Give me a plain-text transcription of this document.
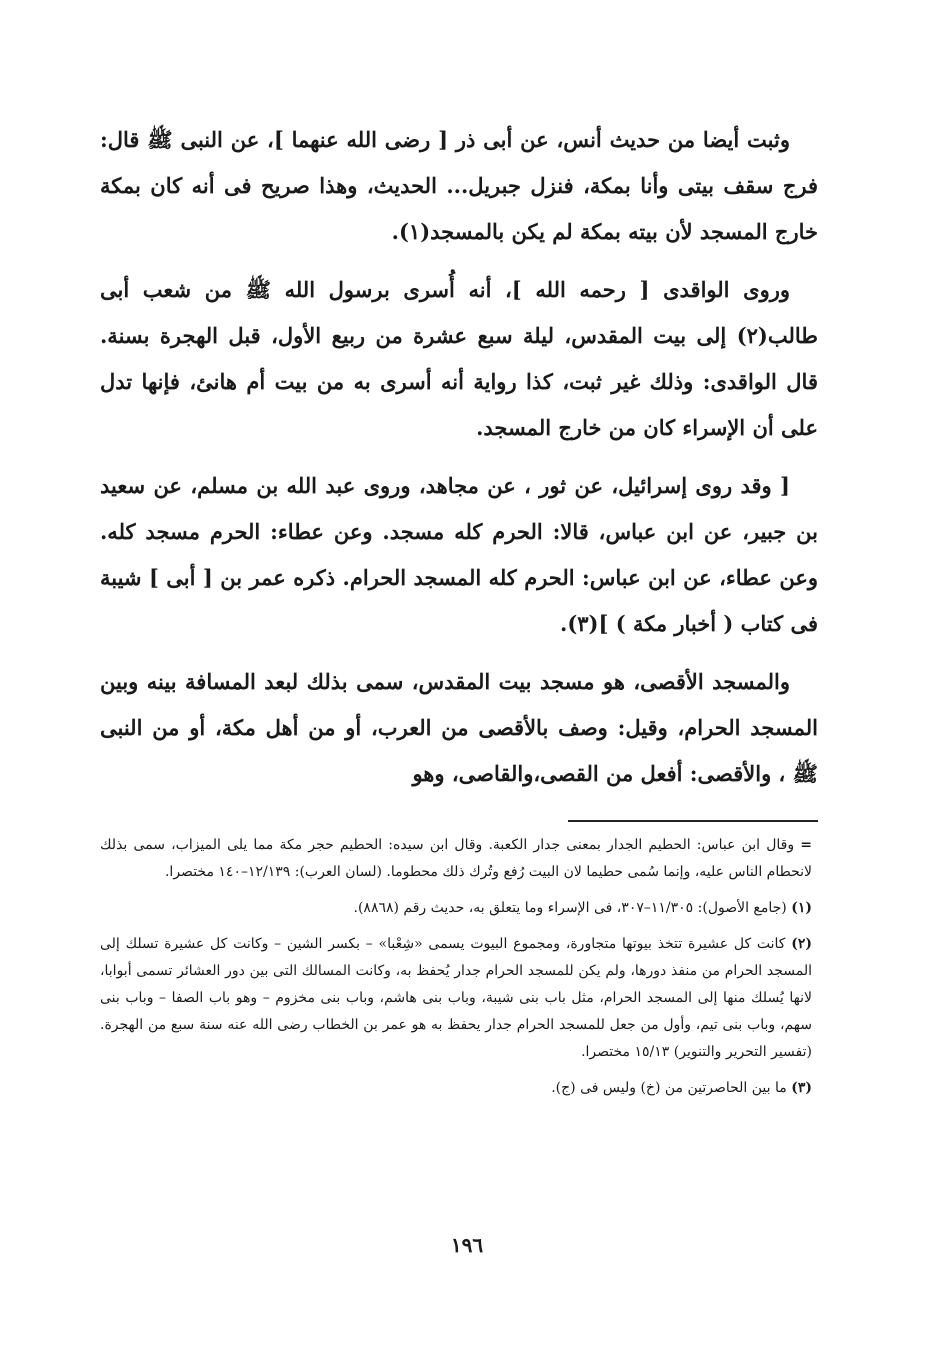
وثبت أيضا من حديث أنس، عن أبى ذر [ رضى الله عنهما ]، عن النبى ﷺ قال: فرج سقف بيتى وأنا بمكة، فنزل جبريل... الحديث، وهذا صريح فى أنه كان بمكة خارج المسجد لأن بيته بمكة لم يكن بالمسجد(١).

وروى الواقدى [ رحمه الله ]، أنه أُسرى برسول الله ﷺ من شعب أبى طالب(٢) إلى بيت المقدس، ليلة سبع عشرة من ربيع الأول، قبل الهجرة بسنة. قال الواقدى: وذلك غير ثبت، كذا رواية أنه أسرى به من بيت أم هانئ، فإنها تدل على أن الإسراء كان من خارج المسجد.

[ وقد روى إسرائيل، عن ثور ، عن مجاهد، وروى عبد الله بن مسلم، عن سعيد بن جبير، عن ابن عباس، قالا: الحرم كله مسجد. وعن عطاء: الحرم مسجد كله. وعن عطاء، عن ابن عباس: الحرم كله المسجد الحرام. ذكره عمر بن [ أبى ] شيبة فى كتاب ( أخبار مكة ) ](٣).

والمسجد الأقصى، هو مسجد بيت المقدس، سمى بذلك لبعد المسافة بينه وبين المسجد الحرام، وقيل: وصف بالأقصى من العرب، أو من أهل مكة، أو من النبى ﷺ ، والأقصى: أفعل من القصى،والقاصى، وهو

= وقال ابن عباس: الحطيم الجدار بمعنى جدار الكعبة. وقال ابن سيده: الحطيم حجر مكة مما يلى الميزاب، سمى بذلك لانحطام الناس عليه، وإنما سُمى حطيما لان البيت رُفع وتُرك ذلك محطوما. (لسان العرب): ١٢/١٣٩–١٤٠ مختصرا.
(١) (جامع الأصول): ١١/٣٠٥–٣٠٧، فى الإسراء وما يتعلق به، حديث رقم (٨٨٦٨).
(٢) كانت كل عشيرة تتخذ بيوتها متجاورة، ومجموع البيوت يسمى «شِعْبا» – بكسر الشين – وكانت كل عشيرة تسلك إلى المسجد الحرام من منفذ دورها، ولم يكن للمسجد الحرام جدار يُحفظ به، وكانت المسالك التى بين دور العشائر تسمى أبوابا، لانها يُسلك منها إلى المسجد الحرام، مثل باب بنى شيبة، وباب بنى هاشم، وباب بنى مخزوم – وهو باب الصفا – وباب بنى سهم، وباب بنى تيم، وأول من جعل للمسجد الحرام جدار يحفظ به هو عمر بن الخطاب رضى الله عنه سنة سبع من الهجرة. (تفسير التحرير والتنوير) ١٥/١٣ مختصرا.
(٣) ما بين الحاصرتين من (خ) وليس فى (ج).
١٩٦
